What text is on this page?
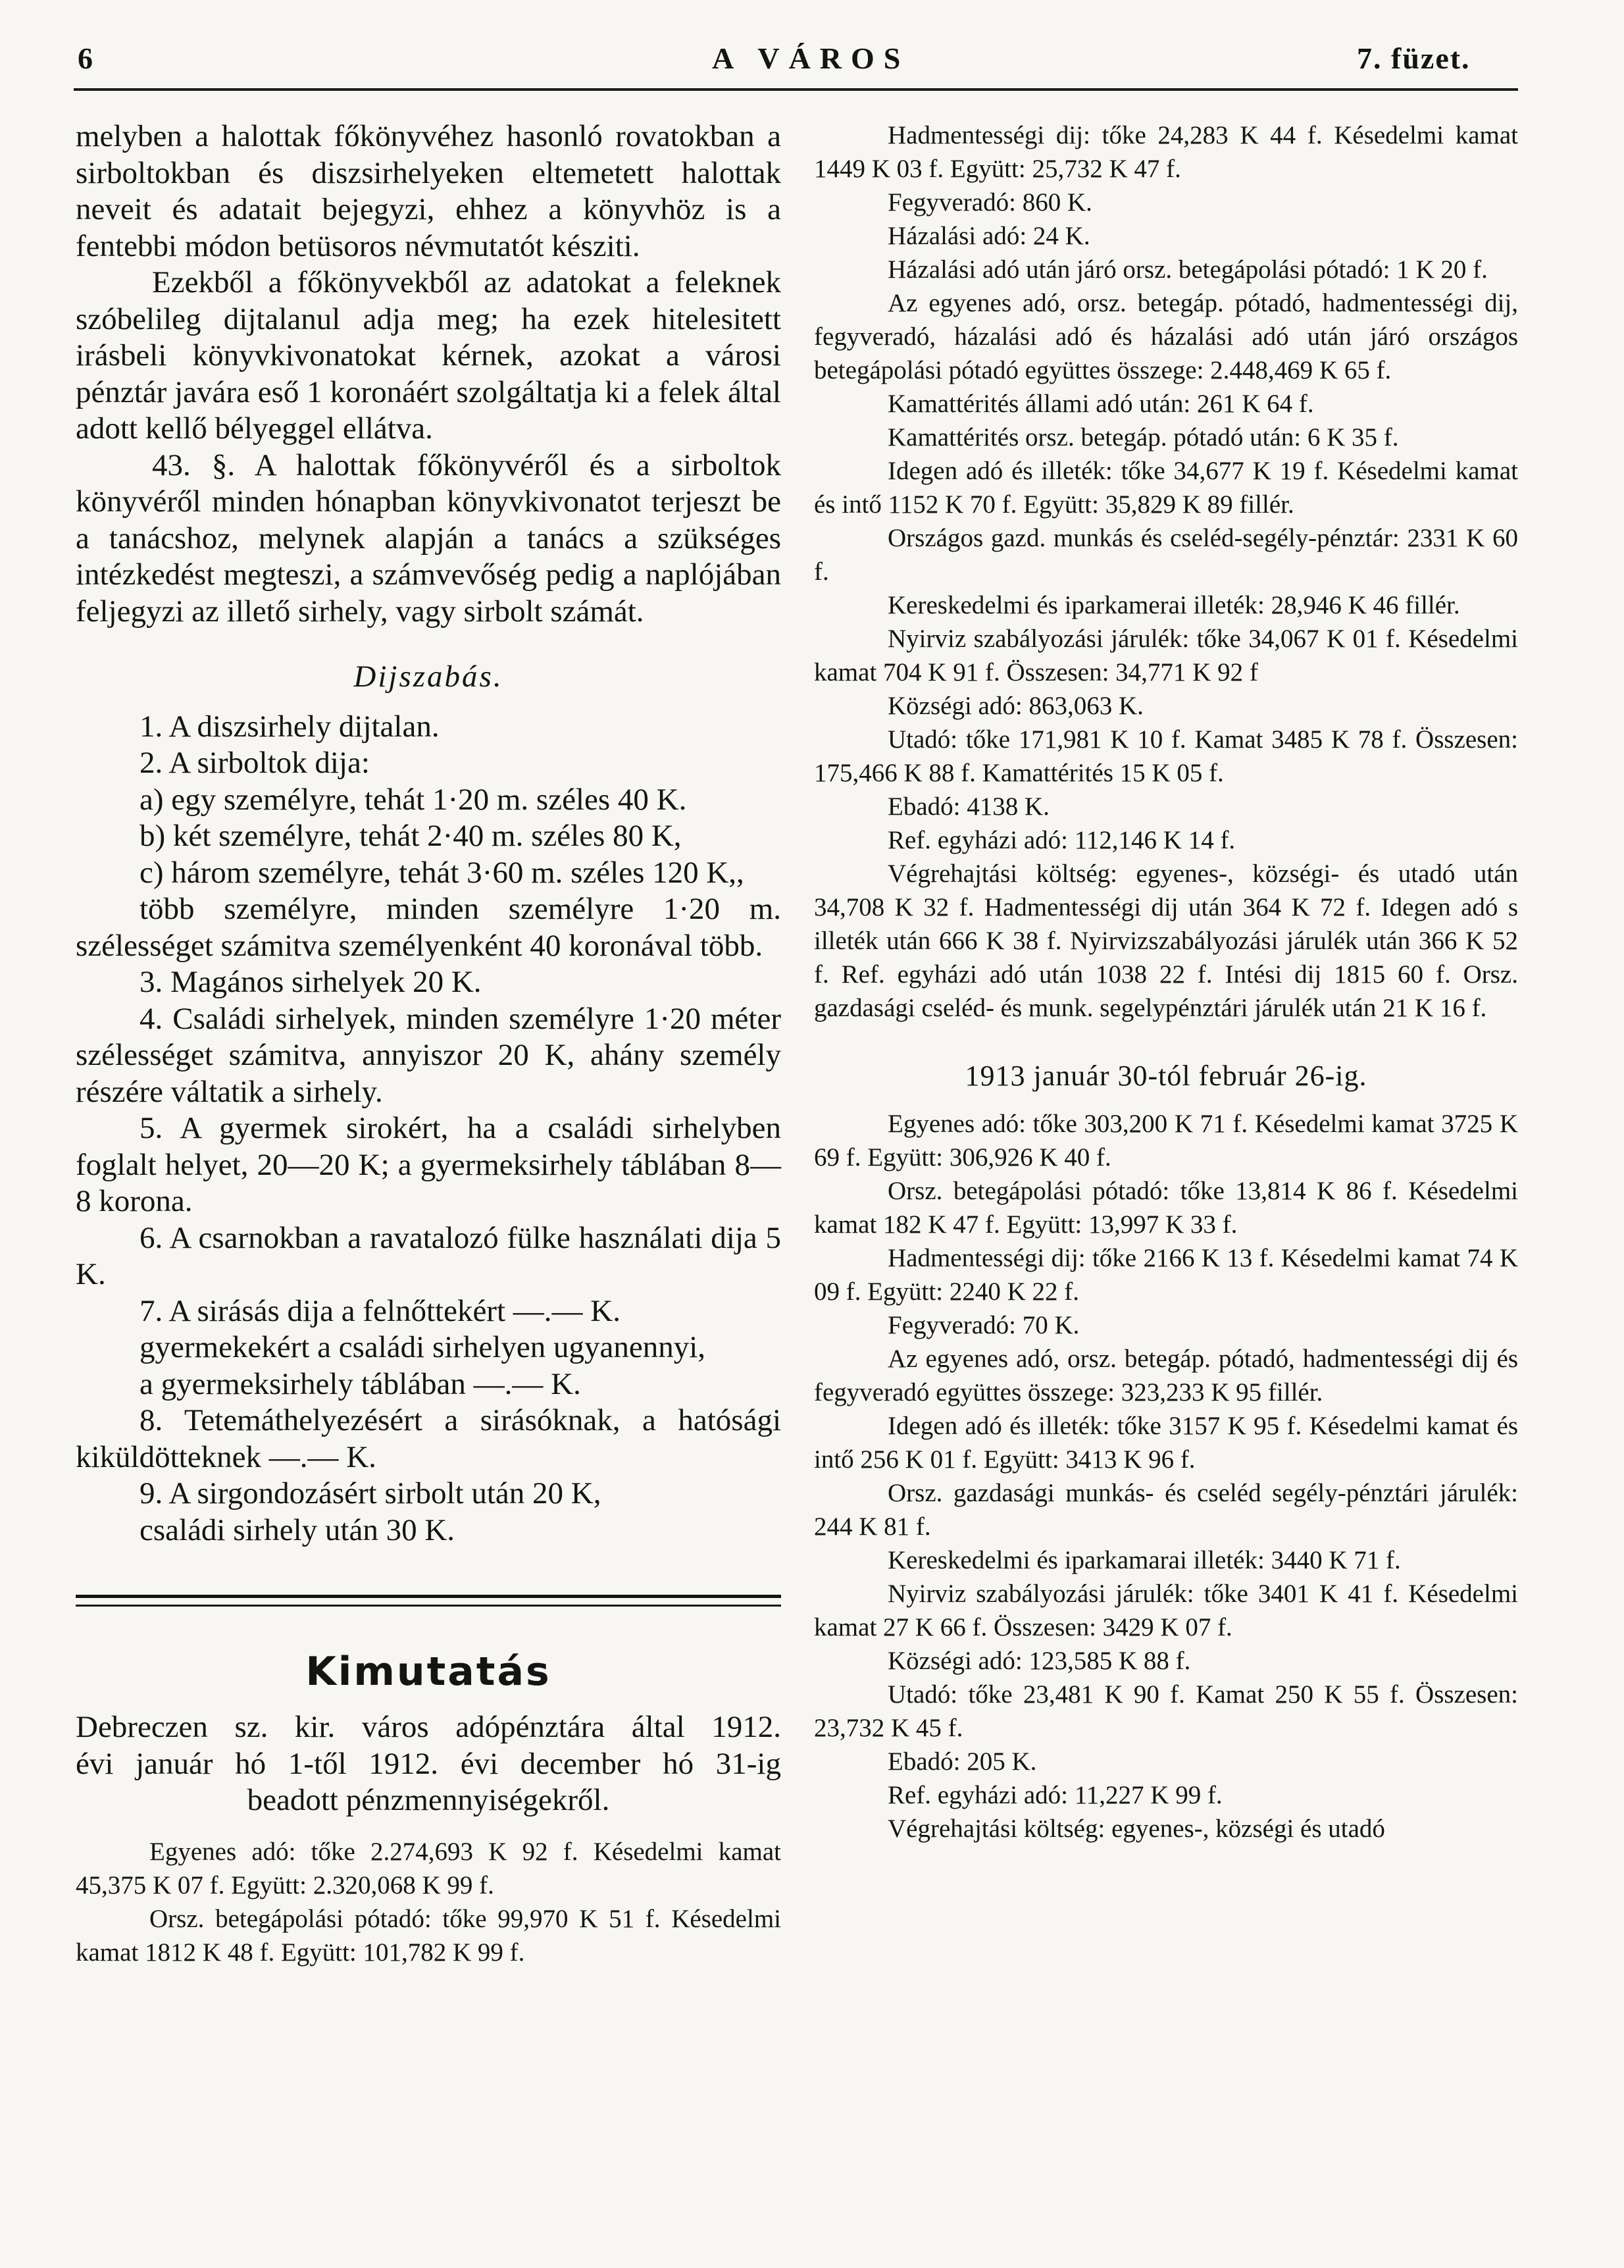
6	A VÁROS	7. füzet.

melyben a halottak főkönyvéhez hasonló rovatokban a sirboltokban és diszsirhelyeken eltemetett halottak neveit és adatait bejegyzi, ehhez a könyvhöz is a fentebbi módon betüsoros névmutatót késziti.

Ezekből a főkönyvekből az adatokat a feleknek szóbelileg dijtalanul adja meg; ha ezek hitelesitett irásbeli könyvkivonatokat kérnek, azokat a városi pénztár javára eső 1 koronáért szolgáltatja ki a felek által adott kellő bélyeggel ellátva.

43. §. A halottak főkönyvéről és a sirboltok könyvéről minden hónapban könyvkivonatot terjeszt be a tanácshoz, melynek alapján a tanács a szükséges intézkedést megteszi, a számvevőség pedig a naplójában feljegyzi az illető sirhely, vagy sirbolt számát.

Dijszabás.

1. A diszsirhely dijtalan.

2. A sirboltok dija:

a) egy személyre, tehát 1·20 m. széles 40 K.

b) két személyre, tehát 2·40 m. széles 80 K,

c) három személyre, tehát 3·60 m. széles 120 K,,

több személyre, minden személyre 1·20 m. szélességet számitva személyenként 40 koronával több.

3. Magános sirhelyek 20 K.

4. Családi sirhelyek, minden személyre 1·20 méter szélességet számitva, annyiszor 20 K, ahány személy részére váltatik a sirhely.

5. A gyermek sirokért, ha a családi sirhelyben foglalt helyet, 20—20 K; a gyermeksirhely táblában 8—8 korona.

6. A csarnokban a ravatalozó fülke használati dija 5 K.

7. A sirásás dija a felnőttekért —.— K.

gyermekekért a családi sirhelyen ugyanennyi,

a gyermeksirhely táblában —.— K.

8. Tetemáthelyezésért a sirásóknak, a hatósági kiküldötteknek —.— K.

9. A sirgondozásért sirbolt után 20 K,

családi sirhely után 30 K.

Kimutatás
Debreczen sz. kir. város adópénztára által 1912.
évi január hó 1-től 1912. évi december hó 31-ig
beadott pénzmennyiségekről.

Egyenes adó: tőke 2.274,693 K 92 f. Késedelmi kamat 45,375 K 07 f. Együtt: 2.320,068 K 99 f.

Orsz. betegápolási pótadó: tőke 99,970 K 51 f. Késedelmi kamat 1812 K 48 f. Együtt: 101,782 K 99 f.

Hadmentességi dij: tőke 24,283 K 44 f. Késedelmi kamat 1449 K 03 f. Együtt: 25,732 K 47 f.

Fegyveradó: 860 K.

Házalási adó: 24 K.

Házalási adó után járó orsz. betegápolási pótadó: 1 K 20 f.

Az egyenes adó, orsz. betegáp. pótadó, hadmentességi dij, fegyveradó, házalási adó és házalási adó után járó országos betegápolási pótadó együttes összege: 2.448,469 K 65 f.

Kamattérités állami adó után: 261 K 64 f.

Kamattérités orsz. betegáp. pótadó után: 6 K 35 f.

Idegen adó és illeték: tőke 34,677 K 19 f. Késedelmi kamat és intő 1152 K 70 f. Együtt: 35,829 K 89 fillér.

Országos gazd. munkás és cseléd-segély-pénztár: 2331 K 60 f.

Kereskedelmi és iparkamerai illeték: 28,946 K 46 fillér.

Nyirviz szabályozási járulék: tőke 34,067 K 01 f. Késedelmi kamat 704 K 91 f. Összesen: 34,771 K 92 f

Községi adó: 863,063 K.

Utadó: tőke 171,981 K 10 f. Kamat 3485 K 78 f. Összesen: 175,466 K 88 f. Kamattérités 15 K 05 f.

Ebadó: 4138 K.

Ref. egyházi adó: 112,146 K 14 f.

Végrehajtási költség: egyenes-, községi- és utadó után 34,708 K 32 f. Hadmentességi dij után 364 K 72 f. Idegen adó s illeték után 666 K 38 f. Nyirvizszabályozási járulék után 366 K 52 f. Ref. egyházi adó után 1038 22 f. Intési dij 1815 60 f. Orsz. gazdasági cseléd- és munk. segelypénztári járulék után 21 K 16 f.

1913 január 30-tól február 26-ig.

Egyenes adó: tőke 303,200 K 71 f. Késedelmi kamat 3725 K 69 f. Együtt: 306,926 K 40 f.

Orsz. betegápolási pótadó: tőke 13,814 K 86 f. Késedelmi kamat 182 K 47 f. Együtt: 13,997 K 33 f.

Hadmentességi dij: tőke 2166 K 13 f. Késedelmi kamat 74 K 09 f. Együtt: 2240 K 22 f.

Fegyveradó: 70 K.

Az egyenes adó, orsz. betegáp. pótadó, hadmentességi dij és fegyveradó együttes összege: 323,233 K 95 fillér.

Idegen adó és illeték: tőke 3157 K 95 f. Késedelmi kamat és intő 256 K 01 f. Együtt: 3413 K 96 f.

Orsz. gazdasági munkás- és cseléd segély-pénztári járulék: 244 K 81 f.

Kereskedelmi és iparkamarai illeték: 3440 K 71 f.

Nyirviz szabályozási járulék: tőke 3401 K 41 f. Késedelmi kamat 27 K 66 f. Összesen: 3429 K 07 f.

Községi adó: 123,585 K 88 f.

Utadó: tőke 23,481 K 90 f. Kamat 250 K 55 f. Összesen: 23,732 K 45 f.

Ebadó: 205 K.

Ref. egyházi adó: 11,227 K 99 f.

Végrehajtási költség: egyenes-, községi és utadó
